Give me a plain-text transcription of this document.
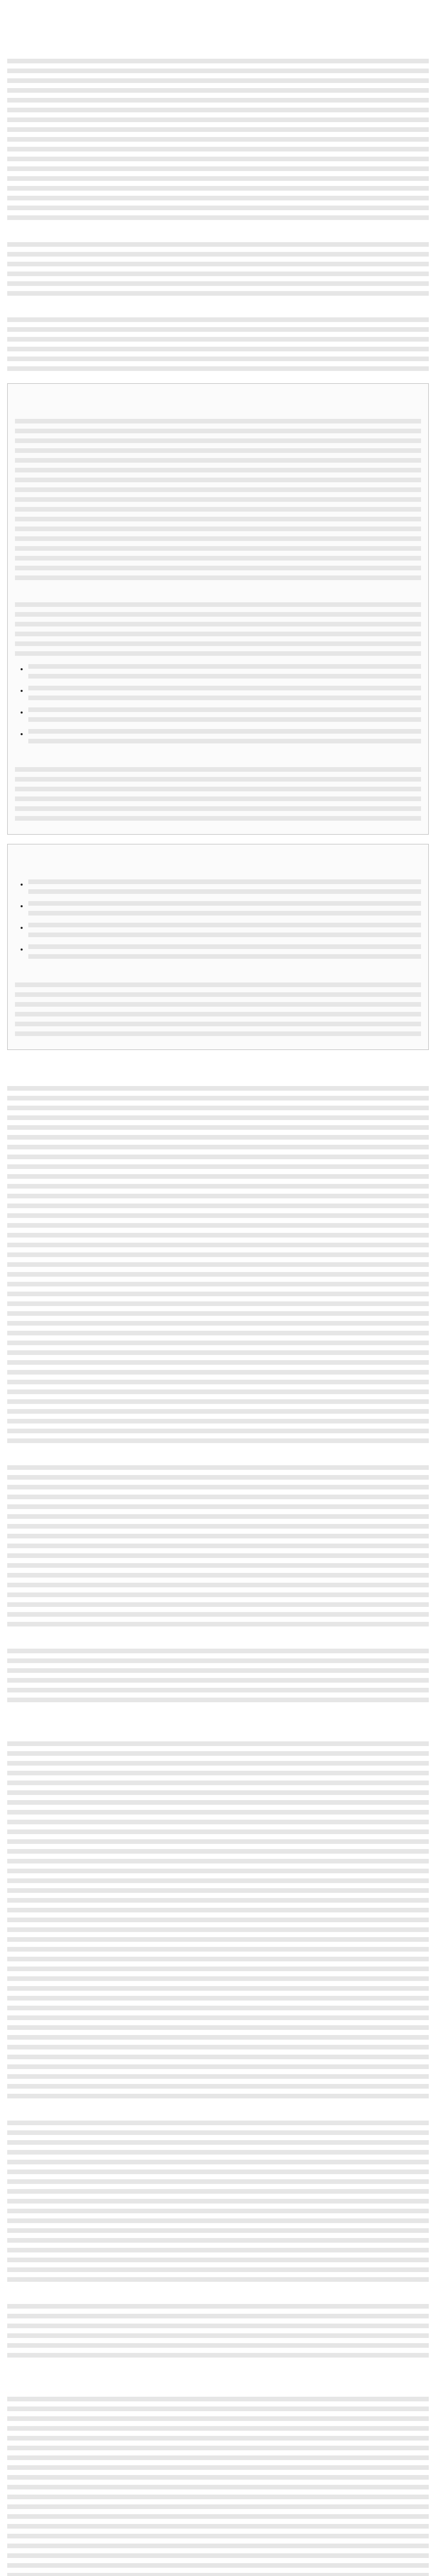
•
•
•
•

•
•
•
•
